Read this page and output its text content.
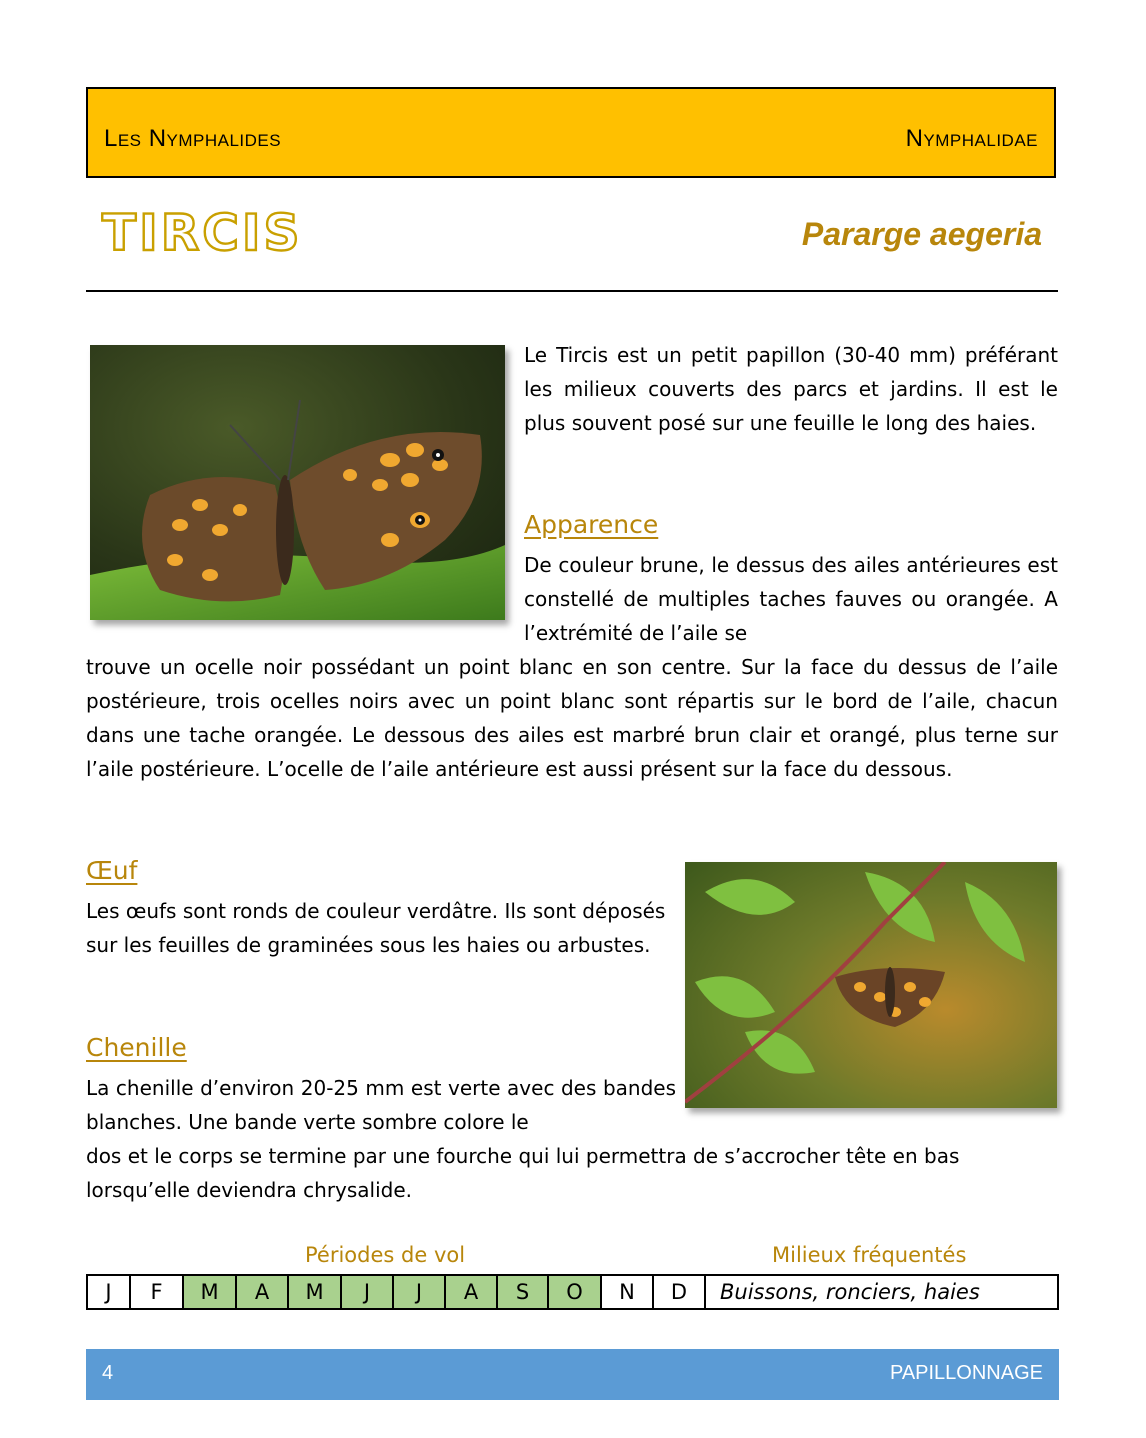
Les Nymphalides	Nymphalidae
TIRCIS	Pararge aegeria

Le Tircis est un petit papillon (30-40 mm) préférant les milieux couverts des parcs et jardins. Il est le plus souvent posé sur une feuille le long des haies.

Apparence

De couleur brune, le dessus des ailes antérieures est constellé de multiples taches fauves ou orangée. A l’extrémité de l’aile se

trouve un ocelle noir possédant un point blanc en son centre. Sur la face du dessus de l’aile postérieure, trois ocelles noirs avec un point blanc sont répartis sur le bord de l’aile, chacun dans une tache orangée. Le dessous des ailes est marbré brun clair et orangé, plus terne sur l’aile postérieure. L’ocelle de l’aile antérieure est aussi présent sur la face du dessous.

Œuf

Les œufs sont ronds de couleur verdâtre. Ils sont déposés sur les feuilles de graminées sous les haies ou arbustes.

Chenille

La chenille d’environ 20-25 mm est verte avec des bandes blanches. Une bande verte sombre colore le

dos et le corps se termine par une fourche qui lui permettra de s’accrocher tête en bas lorsqu’elle deviendra chrysalide.

Périodes de vol	Milieux fréquentés
J	F	M	A	M	J	J	A	S	O	N	D	Buissons, ronciers, haies
4	PAPILLONNAGE
